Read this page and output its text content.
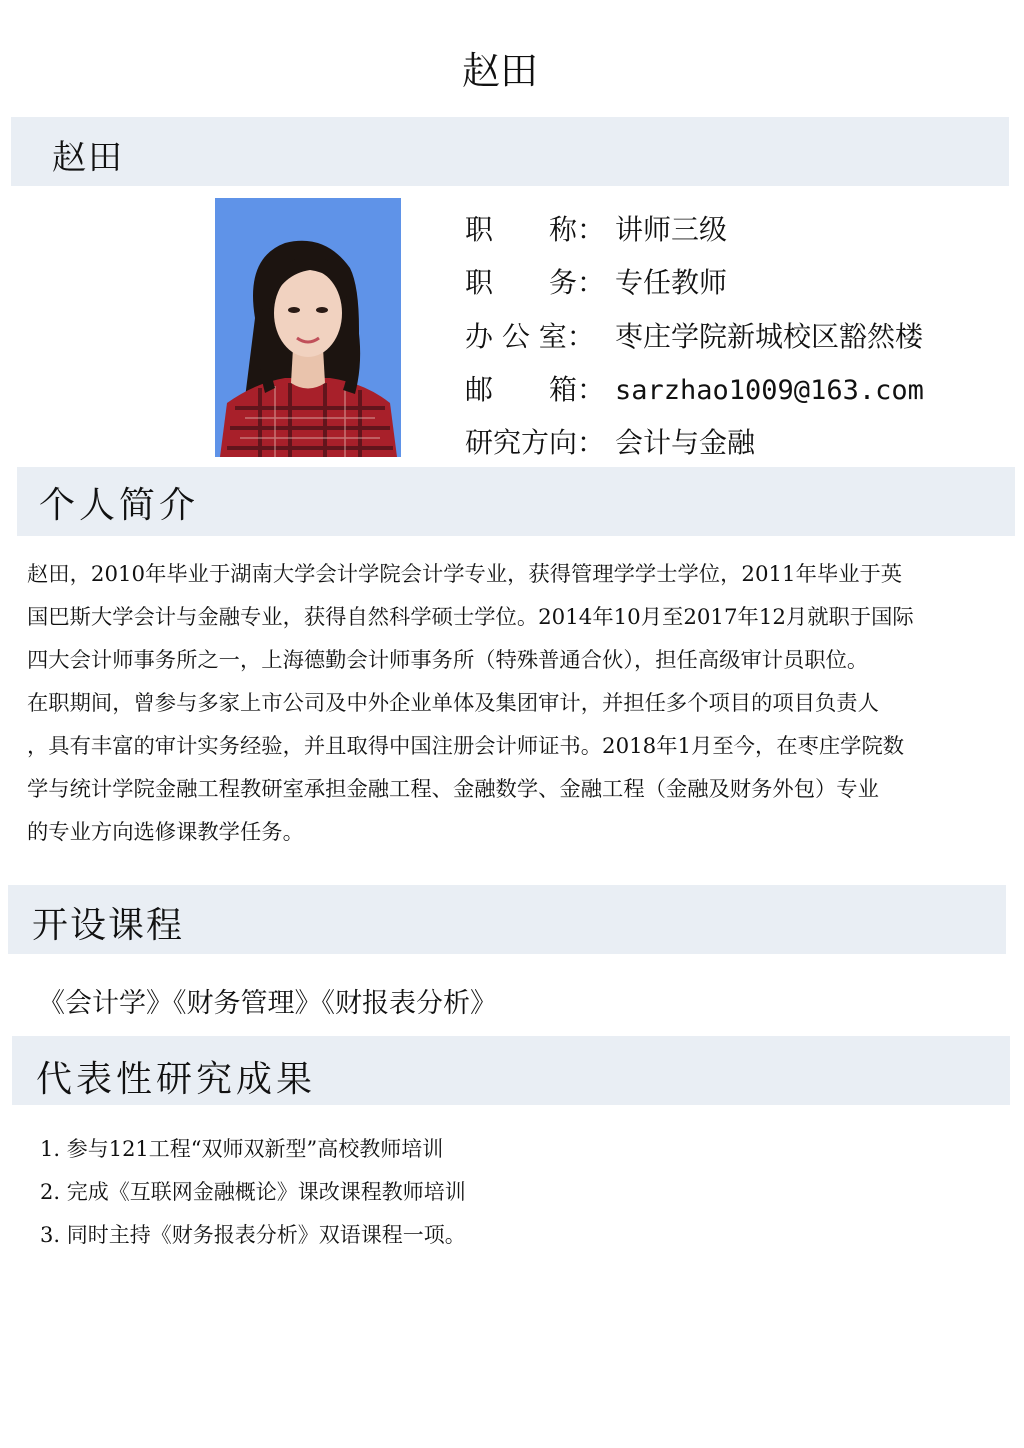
赵田
赵田
职　　称： 讲师三级
职　　务： 专任教师
办 公 室： 枣庄学院新城校区豁然楼
邮　　箱： sarzhao1009@163.com
研究方向： 会计与金融
个人简介
赵田，2010年毕业于湖南大学会计学院会计学专业，获得管理学学士学位，2011年毕业于英
国巴斯大学会计与金融专业，获得自然科学硕士学位。2014年10月至2017年12月就职于国际
四大会计师事务所之一，上海德勤会计师事务所（特殊普通合伙），担任高级审计员职位。
在职期间，曾参与多家上市公司及中外企业单体及集团审计，并担任多个项目的项目负责人
，具有丰富的审计实务经验，并且取得中国注册会计师证书。2018年1月至今，在枣庄学院数
学与统计学院金融工程教研室承担金融工程、金融数学、金融工程（金融及财务外包）专业
的专业方向选修课教学任务。
开设课程
《会计学》《财务管理》《财报表分析》
代表性研究成果
1. 参与121工程“双师双新型”高校教师培训
2. 完成《互联网金融概论》课改课程教师培训
3. 同时主持《财务报表分析》双语课程一项。
